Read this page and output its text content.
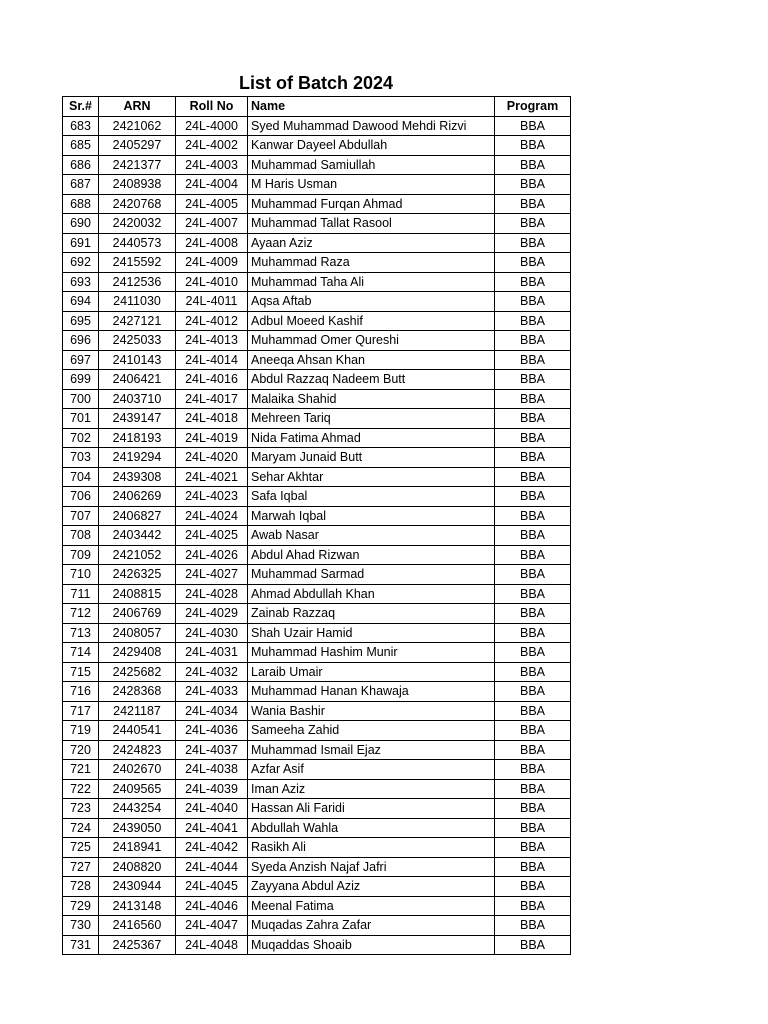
List of Batch 2024
Sr.#	ARN	Roll No	Name	Program
683	2421062	24L-4000	Syed Muhammad Dawood Mehdi Rizvi	BBA
685	2405297	24L-4002	Kanwar Dayeel Abdullah	BBA
686	2421377	24L-4003	Muhammad Samiullah	BBA
687	2408938	24L-4004	M Haris Usman	BBA
688	2420768	24L-4005	Muhammad Furqan Ahmad	BBA
690	2420032	24L-4007	Muhammad Tallat Rasool	BBA
691	2440573	24L-4008	Ayaan Aziz	BBA
692	2415592	24L-4009	Muhammad Raza	BBA
693	2412536	24L-4010	Muhammad Taha Ali	BBA
694	2411030	24L-4011	Aqsa Aftab	BBA
695	2427121	24L-4012	Adbul Moeed Kashif	BBA
696	2425033	24L-4013	Muhammad Omer Qureshi	BBA
697	2410143	24L-4014	Aneeqa Ahsan Khan	BBA
699	2406421	24L-4016	Abdul Razzaq Nadeem Butt	BBA
700	2403710	24L-4017	Malaika Shahid	BBA
701	2439147	24L-4018	Mehreen Tariq	BBA
702	2418193	24L-4019	Nida Fatima Ahmad	BBA
703	2419294	24L-4020	Maryam Junaid Butt	BBA
704	2439308	24L-4021	Sehar Akhtar	BBA
706	2406269	24L-4023	Safa Iqbal	BBA
707	2406827	24L-4024	Marwah Iqbal	BBA
708	2403442	24L-4025	Awab Nasar	BBA
709	2421052	24L-4026	Abdul Ahad Rizwan	BBA
710	2426325	24L-4027	Muhammad Sarmad	BBA
711	2408815	24L-4028	Ahmad Abdullah Khan	BBA
712	2406769	24L-4029	Zainab Razzaq	BBA
713	2408057	24L-4030	Shah Uzair Hamid	BBA
714	2429408	24L-4031	Muhammad Hashim Munir	BBA
715	2425682	24L-4032	Laraib Umair	BBA
716	2428368	24L-4033	Muhammad Hanan Khawaja	BBA
717	2421187	24L-4034	Wania Bashir	BBA
719	2440541	24L-4036	Sameeha Zahid	BBA
720	2424823	24L-4037	Muhammad Ismail Ejaz	BBA
721	2402670	24L-4038	Azfar Asif	BBA
722	2409565	24L-4039	Iman Aziz	BBA
723	2443254	24L-4040	Hassan Ali Faridi	BBA
724	2439050	24L-4041	Abdullah Wahla	BBA
725	2418941	24L-4042	Rasikh Ali	BBA
727	2408820	24L-4044	Syeda Anzish Najaf Jafri	BBA
728	2430944	24L-4045	Zayyana Abdul Aziz	BBA
729	2413148	24L-4046	Meenal Fatima	BBA
730	2416560	24L-4047	Muqadas Zahra Zafar	BBA
731	2425367	24L-4048	Muqaddas Shoaib	BBA
